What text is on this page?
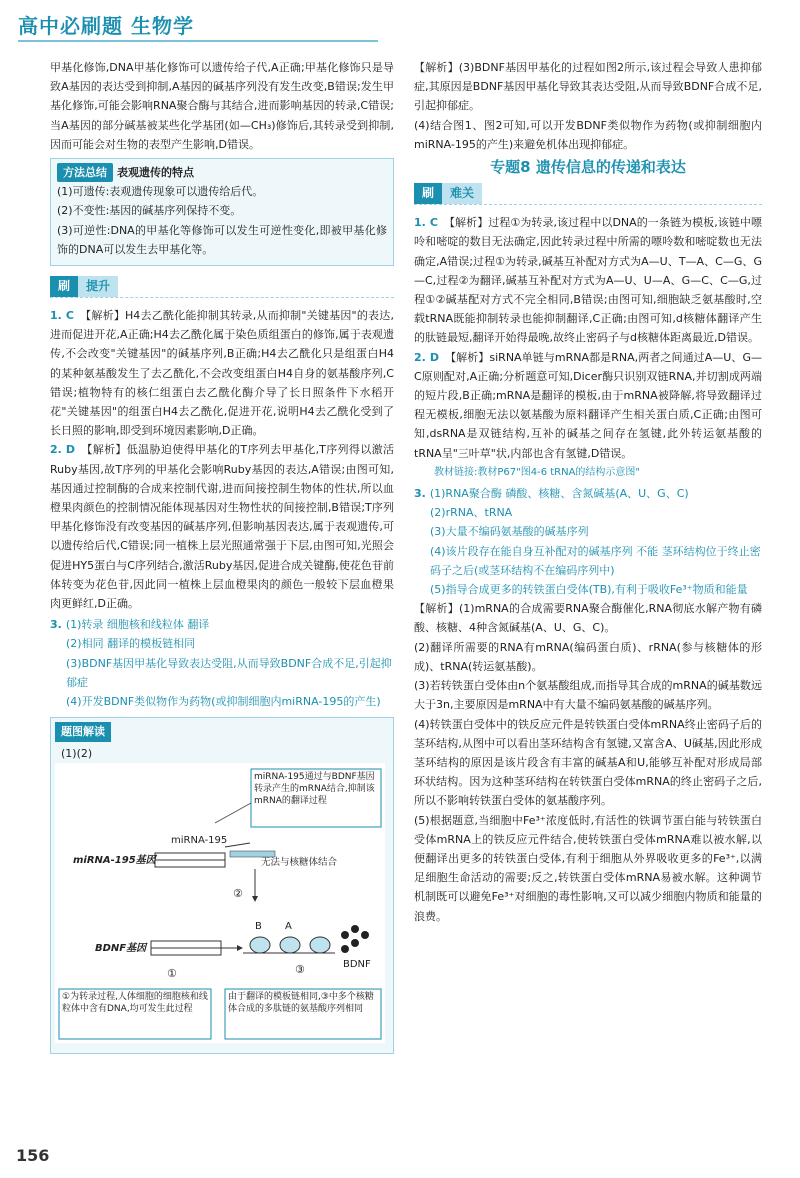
高中必刷题 生物学
甲基化修饰,DNA甲基化修饰可以遗传给子代,A正确;甲基化修饰只是导致A基因的表达受到抑制,A基因的碱基序列没有发生改变,B错误;发生甲基化修饰,可能会影响RNA聚合酶与其结合,进而影响基因的转录,C错误;当A基因的部分碱基被某些化学基团(如—CH₃)修饰后,其转录受到抑制,因而可能会对生物的表型产生影响,D错误。
方法总结 表观遗传的特点
(1)可遗传:表观遗传现象可以遗传给后代。
(2)不变性:基因的碱基序列保持不变。
(3)可逆性:DNA的甲基化等修饰可以发生可逆性变化,即被甲基化修饰的DNA可以发生去甲基化等。
刷	提升
1. C 【解析】H4去乙酰化能抑制其转录,从而抑制"关键基因"的表达,进而促进开花,A正确;H4去乙酰化属于染色质组蛋白的修饰,属于表观遗传,不会改变"关键基因"的碱基序列,B正确;H4去乙酰化只是组蛋白H4的某种氨基酸发生了去乙酰化,不会改变组蛋白H4自身的氨基酸序列,C错误;植物特有的核仁组蛋白去乙酰化酶介导了长日照条件下水稻开花"关键基因"的组蛋白H4去乙酰化,促进开花,说明H4去乙酰化受到了长日照的影响,即受到环境因素影响,D正确。
2. D 【解析】低温胁迫使得甲基化的T序列去甲基化,T序列得以激活Ruby基因,故T序列的甲基化会影响Ruby基因的表达,A错误;由图可知,基因通过控制酶的合成来控制代谢,进而间接控制生物体的性状,所以血橙果肉颜色的控制情况能体现基因对生物性状的间接控制,B错误;T序列甲基化修饰没有改变基因的碱基序列,但影响基因表达,属于表观遗传,可以遗传给后代,C错误;同一植株上层光照通常强于下层,由图可知,光照会促进HY5蛋白与C序列结合,激活Ruby基因,促进合成关键酶,使花色苷前体转变为花色苷,因此同一植株上层血橙果肉的颜色一般较下层血橙果肉更鲜红,D正确。
3. (1)转录 细胞核和线粒体 翻译
(2)相同 翻译的模板链相同
(3)BDNF基因甲基化导致表达受阻,从而导致BDNF合成不足,引起抑郁症
(4)开发BDNF类似物作为药物(或抑制细胞内miRNA-195的产生)
题图解读
(1)(2)
miRNA-195通过与BDNF基因转录产生的mRNA结合,抑制该mRNA的翻译过程
miRNA-195基因
miRNA-195
无法与核糖体结合
②
BDNF基因
①
A
B
③	BDNF
①为转录过程,人体细胞的细胞核和线粒体中含有DNA,均可发生此过程
由于翻译的模板链相同,③中多个核糖体合成的多肽链的氨基酸序列相同
【解析】(3)BDNF基因甲基化的过程如图2所示,该过程会导致人患抑郁症,其原因是BDNF基因甲基化导致其表达受阻,从而导致BDNF合成不足,引起抑郁症。
(4)结合图1、图2可知,可以开发BDNF类似物作为药物(或抑制细胞内miRNA-195的产生)来避免机体出现抑郁症。
专题8 遗传信息的传递和表达
刷	难关
1. C 【解析】过程①为转录,该过程中以DNA的一条链为模板,该链中嘌呤和嘧啶的数目无法确定,因此转录过程中所需的嘌呤数和嘧啶数也无法确定,A错误;过程①为转录,碱基互补配对方式为A—U、T—A、C—G、G—C,过程②为翻译,碱基互补配对方式为A—U、U—A、G—C、C—G,过程①②碱基配对方式不完全相同,B错误;由图可知,细胞缺乏氨基酸时,空载tRNA既能抑制转录也能抑制翻译,C正确;由图可知,d核糖体翻译产生的肽链最短,翻译开始得最晚,故终止密码子与d核糖体距离最近,D错误。
2. D 【解析】siRNA单链与mRNA都是RNA,两者之间通过A—U、G—C原则配对,A正确;分析题意可知,Dicer酶只识别双链RNA,并切割成两端的短片段,B正确;mRNA是翻译的模板,由于mRNA被降解,将导致翻译过程无模板,细胞无法以氨基酸为原料翻译产生相关蛋白质,C正确;由图可知,dsRNA是双链结构,互补的碱基之间存在氢键,此外转运氨基酸的tRNA呈"三叶草"状,内部也含有氢键,D错误。
教材链接:教材P67"图4-6 tRNA的结构示意图"
3. (1)RNA聚合酶 磷酸、核糖、含氮碱基(A、U、G、C)
(2)rRNA、tRNA
(3)大量不编码氨基酸的碱基序列
(4)该片段存在能自身互补配对的碱基序列 不能 茎环结构位于终止密码子之后(或茎环结构不在编码序列中)
(5)指导合成更多的转铁蛋白受体(TB),有利于吸收Fe³⁺物质和能量
【解析】(1)mRNA的合成需要RNA聚合酶催化,RNA彻底水解产物有磷酸、核糖、4种含氮碱基(A、U、G、C)。
(2)翻译所需要的RNA有mRNA(编码蛋白质)、rRNA(参与核糖体的形成)、tRNA(转运氨基酸)。
(3)若转铁蛋白受体由n个氨基酸组成,而指导其合成的mRNA的碱基数远大于3n,主要原因是mRNA中有大量不编码氨基酸的碱基序列。
(4)转铁蛋白受体中的铁反应元件是转铁蛋白受体mRNA终止密码子后的茎环结构,从图中可以看出茎环结构含有氢键,又富含A、U碱基,因此形成茎环结构的原因是该片段含有丰富的碱基A和U,能够互补配对形成局部环状结构。因为这种茎环结构在转铁蛋白受体mRNA的终止密码子之后,所以不影响转铁蛋白受体的氨基酸序列。
(5)根据题意,当细胞中Fe³⁺浓度低时,有活性的铁调节蛋白能与转铁蛋白受体mRNA上的铁反应元件结合,使转铁蛋白受体mRNA难以被水解,以便翻译出更多的转铁蛋白受体,有利于细胞从外界吸收更多的Fe³⁺,以满足细胞生命活动的需要;反之,转铁蛋白受体mRNA易被水解。这种调节机制既可以避免Fe³⁺对细胞的毒性影响,又可以减少细胞内物质和能量的浪费。
156
